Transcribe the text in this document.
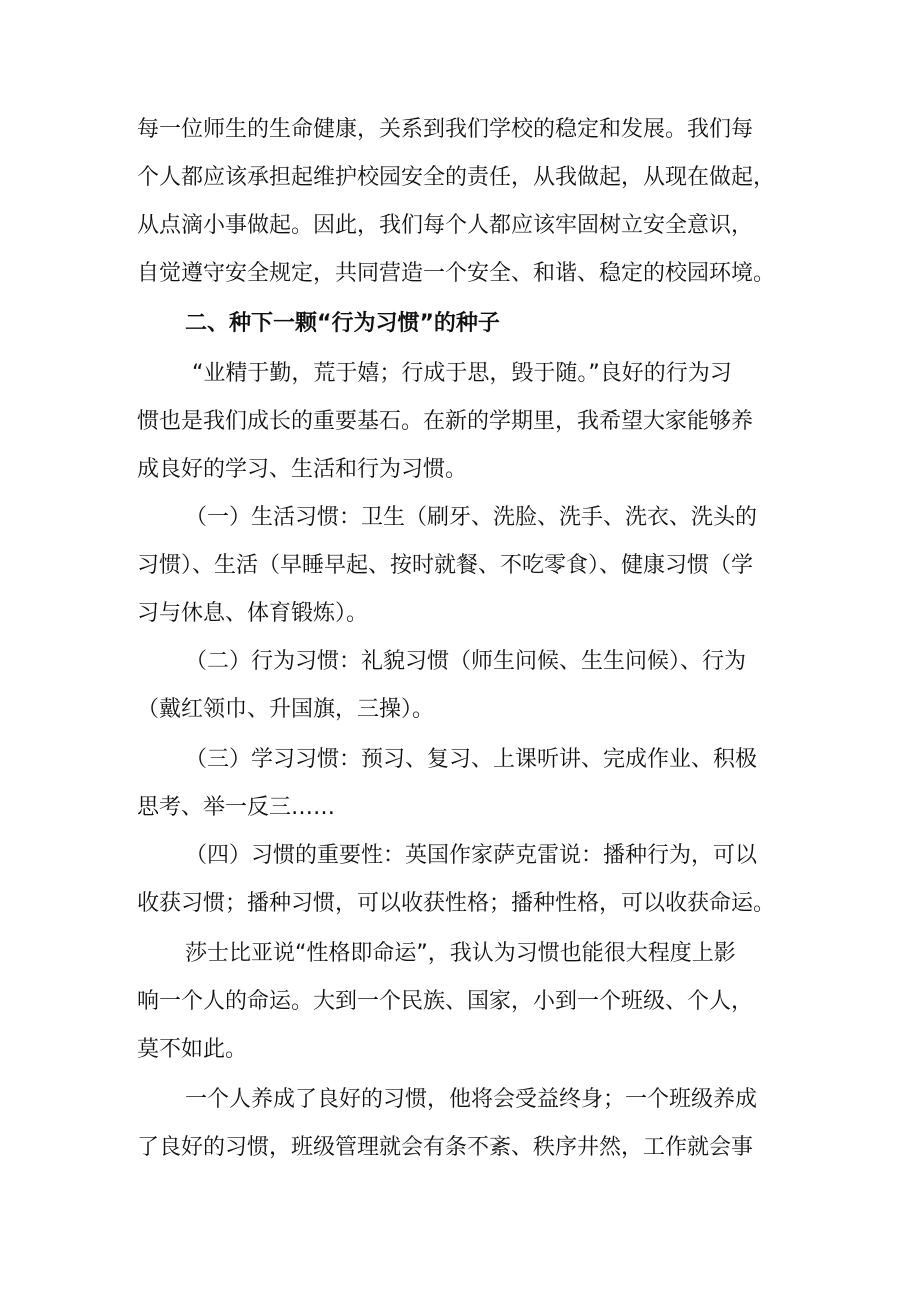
每一位师生的生命健康，关系到我们学校的稳定和发展。我们每
个人都应该承担起维护校园安全的责任，从我做起，从现在做起，
从点滴小事做起。因此，我们每个人都应该牢固树立安全意识，
自觉遵守安全规定，共同营造一个安全、和谐、稳定的校园环境。
二、种下一颗“行为习惯”的种子
“业精于勤，荒于嬉；行成于思，毁于随。”良好的行为习
惯也是我们成长的重要基石。在新的学期里，我希望大家能够养
成良好的学习、生活和行为习惯。
（一）生活习惯：卫生（刷牙、洗脸、洗手、洗衣、洗头的
习惯）、生活（早睡早起、按时就餐、不吃零食）、健康习惯（学
习与休息、体育锻炼）。
（二）行为习惯：礼貌习惯（师生问候、生生问候）、行为
（戴红领巾、升国旗，三操）。
（三）学习习惯：预习、复习、上课听讲、完成作业、积极
思考、举一反三……
（四）习惯的重要性：英国作家萨克雷说：播种行为，可以
收获习惯；播种习惯，可以收获性格；播种性格，可以收获命运。
莎士比亚说“性格即命运”，我认为习惯也能很大程度上影
响一个人的命运。大到一个民族、国家，小到一个班级、个人，
莫不如此。
一个人养成了良好的习惯，他将会受益终身；一个班级养成
了良好的习惯，班级管理就会有条不紊、秩序井然，工作就会事
